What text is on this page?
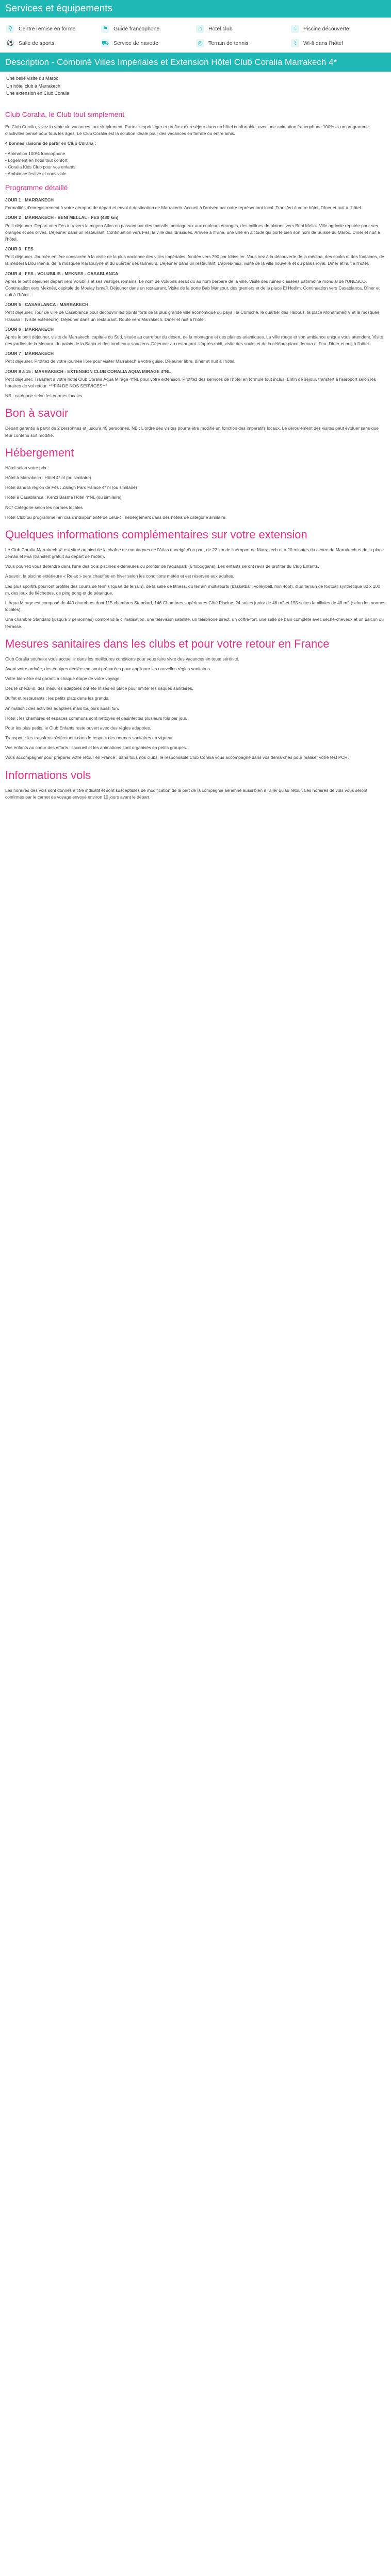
Services et équipements
⚲	Centre remise en forme	⚑ Guide francophone	⌂	Hôtel club	≈	Piscine découverte
⚽ Salle de sports	⛟ Service de navette	◎	Terrain de tennis	⌇	Wi-fi dans l'hôtel
Description - Combiné Villes Impériales et Extension Hôtel Club Coralia Marrakech 4*
Une belle visite du Maroc
Un hôtel club à Marrakech
Une extension en Club Coralia
Club Coralia, le Club tout simplement

En Club Coralia, vivez la vraie vie vacances tout simplement. Partez l'esprit léger et profitez d'un séjour dans un hôtel confortable, avec une animation francophone 100% et un programme d'activités pensé pour tous les âges. Le Club Coralia est la solution idéale pour des vacances en famille ou entre amis.

4 bonnes raisons de partir en Club Coralia :

• Animation 100% francophone
• Logement en hôtel tout confort
• Coralia Kids Club pour vos enfants
• Ambiance festive et conviviale
Programme détaillé

JOUR 1 : MARRAKECH

Formalités d'enregistrement à votre aéroport de départ et envol à destination de Marrakech. Accueil à l'arrivée par notre représentant local. Transfert à votre hôtel. Dîner et nuit à l'hôtel.

JOUR 2 : MARRAKECH - BENI MELLAL - FES (480 km)

Petit déjeuner. Départ vers Fès à travers la moyen Atlas en passant par des massifs montagneux aux couleurs étranges, des collines de plaines vers Beni Mellal. Ville agricole réputée pour ses oranges et ses olives. Déjeuner dans un restaurant. Continuation vers Fès, la ville des Idrissides. Arrivée à Ifrane, une ville en altitude qui porte bien son nom de Suisse du Maroc. Dîner et nuit à l'hôtel.

JOUR 3 : FES

Petit déjeuner. Journée entière consacrée à la visite de la plus ancienne des villes impériales, fondée vers 790 par Idriss Ier. Vous irez à la découverte de la médina, des souks et des fontaines, de la médersa Bou Inania, de la mosquée Karaouiyne et du quartier des tanneurs. Déjeuner dans un restaurant. L'après-midi, visite de la ville nouvelle et du palais royal. Dîner et nuit à l'hôtel.

JOUR 4 : FES - VOLUBILIS - MEKNES - CASABLANCA

Après le petit déjeuner départ vers Volubilis et ses vestiges romains. Le nom de Volubilis serait dû au nom berbère de la ville. Visite des ruines classées patrimoine mondial de l'UNESCO. Continuation vers Meknès, capitale de Moulay Ismaïl. Déjeuner dans un restaurant. Visite de la porte Bab Mansour, des greniers et de la place El Hedim. Continuation vers Casablanca. Dîner et nuit à l'hôtel.

JOUR 5 : CASABLANCA - MARRAKECH

Petit déjeuner. Tour de ville de Casablanca pour découvrir les points forts de la plus grande ville économique du pays : la Corniche, le quartier des Habous, la place Mohammed V et la mosquée Hassan II (visite extérieure). Déjeuner dans un restaurant. Route vers Marrakech. Dîner et nuit à l'hôtel.

JOUR 6 : MARRAKECH

Après le petit déjeuner, visite de Marrakech, capitale du Sud, située au carrefour du désert, de la montagne et des plaines atlantiques. La ville rouge et son ambiance unique vous attendent. Visite des jardins de la Menara, du palais de la Bahia et des tombeaux saadiens. Déjeuner au restaurant. L'après-midi, visite des souks et de la célèbre place Jemaa el Fna. Dîner et nuit à l'hôtel.

JOUR 7 : MARRAKECH

Petit déjeuner. Profitez de votre journée libre pour visiter Marrakech à votre guise. Déjeuner libre, dîner et nuit à l'hôtel.

JOUR 8 à 15 : MARRAKECH - EXTENSION CLUB CORALIA AQUA MIRAGE 4*NL

Petit déjeuner. Transfert à votre hôtel Club Coralia Aqua Mirage 4*NL pour votre extension. Profitez des services de l'hôtel en formule tout inclus. Enfin de séjour, transfert à l'aéroport selon les horaires de vol retour. ***FIN DE NOS SERVICES***

NB : catégorie selon les normes locales

Bon à savoir

Départ garantis à partir de 2 personnes et jusqu'à 45 personnes. NB : L'ordre des visites pourra être modifié en fonction des impératifs locaux. Le déroulement des visites peut évoluer sans que leur contenu soit modifié.

Hébergement

Hôtel selon votre prix :

Hôtel à Marrakech : Hôtel 4* nl (ou similaire)

Hôtel dans la région de Fès : Zalagh Parc Palace 4* nl (ou similaire)

Hôtel à Casablanca : Kenzi Basma Hôtel 4*NL (ou similaire)

NC* Catégorie selon les normes locales

Hôtel Club ou programme, en cas d'indisponibilité de celui-ci, hébergement dans des hôtels de catégorie similaire.

Quelques informations complémentaires sur votre extension

Le Club Coralia Marrakech 4* est situé au pied de la chaîne de montagnes de l'Atlas enneigé d'un part, de 22 km de l'aéroport de Marrakech et à 20 minutes du centre de Marrakech et de la place Jemaa el Fna (transfert gratuit au départ de l'hôtel).

Vous pourrez vous détendre dans l'une des trois piscines extérieures ou profiter de l'aquapark (6 toboggans). Les enfants seront ravis de profiter du Club Enfants.

A savoir, la piscine extérieure « Relax » sera chauffée en hiver selon les conditions météo et est réservée aux adultes.

Les plus sportifs pourront profiter des courts de tennis (quart de terrain), de la salle de fitness, du terrain multisports (basketball, volleyball, mini-foot), d'un terrain de football synthétique 50 x 100 m, des jeux de fléchettes, de ping pong et de pétanque.

L'Aqua Mirage est composé de 440 chambres dont 115 chambres Standard, 146 Chambres supérieures Côté Piscine, 24 suites junior de 46 m2 et 155 suites familiales de 48 m2 (selon les normes locales).

Une chambre Standard (jusqu'à 3 personnes) comprend la climatisation, une télévision satellite, un téléphone direct, un coffre-fort, une salle de bain complète avec sèche-cheveux et un balcon ou terrasse.

Mesures sanitaires dans les clubs et pour votre retour en France

Club Coralia souhaite vous accueillir dans les meilleures conditions pour vous faire vivre des vacances en toute sérénité.

Avant votre arrivée, des équipes dédiées se sont préparées pour appliquer les nouvelles règles sanitaires.

Votre bien-être est garanti à chaque étape de votre voyage.

Dès le check-in, des mesures adaptées ont été mises en place pour limiter les risques sanitaires.

Buffet et restaurants : les petits plats dans les grands.

Animation : des activités adaptées mais toujours aussi fun.

Hôtel : les chambres et espaces communs sont nettoyés et désinfectés plusieurs fois par jour.

Pour les plus petits, le Club Enfants reste ouvert avec des règles adaptées.

Transport : les transferts s'effectuent dans le respect des normes sanitaires en vigueur.

Vos enfants au coeur des efforts : l'accueil et les animations sont organisés en petits groupes.

Vous accompagner pour préparer votre retour en France : dans tous nos clubs, le responsable Club Coralia vous accompagne dans vos démarches pour réaliser votre test PCR.

Informations vols

Les horaires des vols sont donnés à titre indicatif et sont susceptibles de modification de la part de la compagnie aérienne aussi bien à l'aller qu'au retour. Les horaires de vols vous seront confirmés par le carnet de voyage envoyé environ 10 jours avant le départ.
